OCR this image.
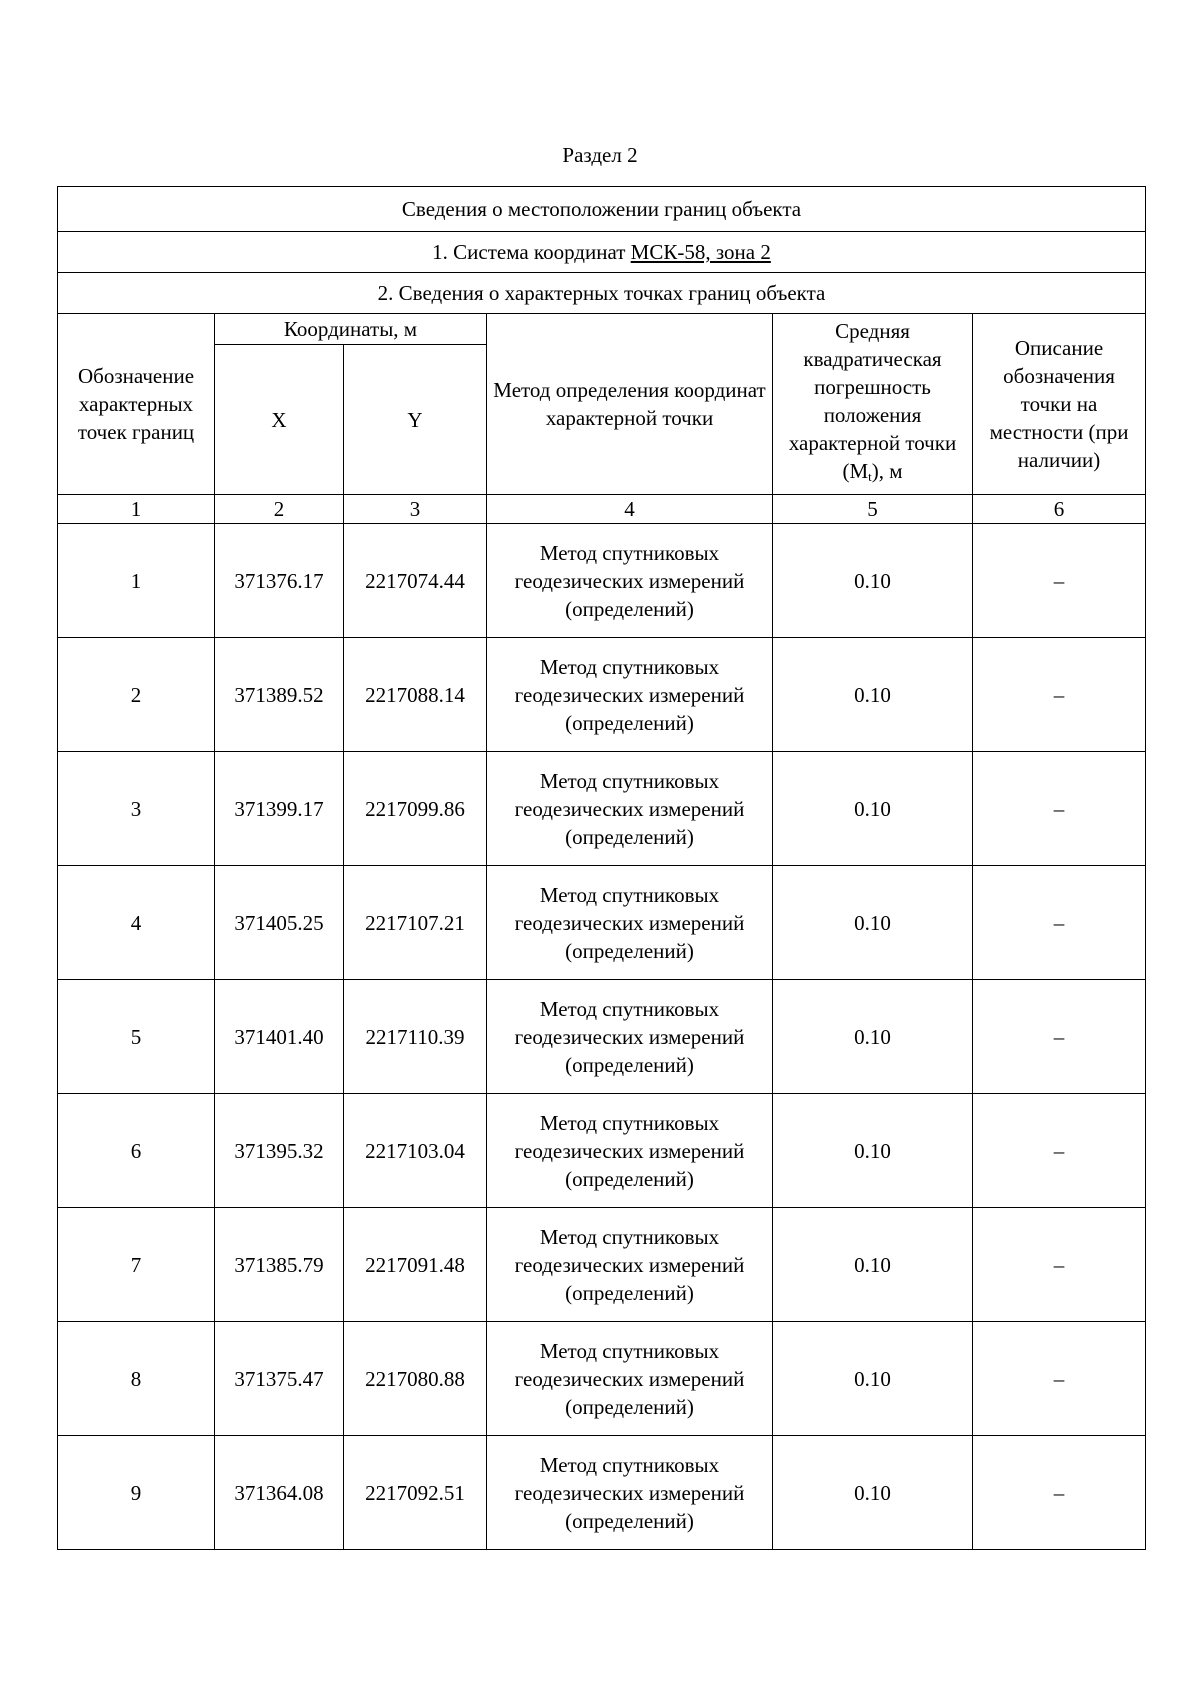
Раздел 2
Сведения о местоположении границ объекта					
1. Система координат МСК-58, зона 2					
2. Сведения о характерных точках границ объекта					
Обозначение характерных точек границ	Координаты, м		Метод определения координат характерной точки	Средняя квадратическая погрешность положения характерной точки $(M_t)$, м	Описание обозначения точки на местности (при наличии)
	X	Y			
1	2	3	4	5	6
1	371376.17	2217074.44	Метод спутниковых геодезических измерений (определений)	0.10	–
2	371389.52	2217088.14	Метод спутниковых геодезических измерений (определений)	0.10	–
3	371399.17	2217099.86	Метод спутниковых геодезических измерений (определений)	0.10	–
4	371405.25	2217107.21	Метод спутниковых геодезических измерений (определений)	0.10	–
5	371401.40	2217110.39	Метод спутниковых геодезических измерений (определений)	0.10	–
6	371395.32	2217103.04	Метод спутниковых геодезических измерений (определений)	0.10	–
7	371385.79	2217091.48	Метод спутниковых геодезических измерений (определений)	0.10	–
8	371375.47	2217080.88	Метод спутниковых геодезических измерений (определений)	0.10	–
9	371364.08	2217092.51	Метод спутниковых геодезических измерений (определений)	0.10	–
